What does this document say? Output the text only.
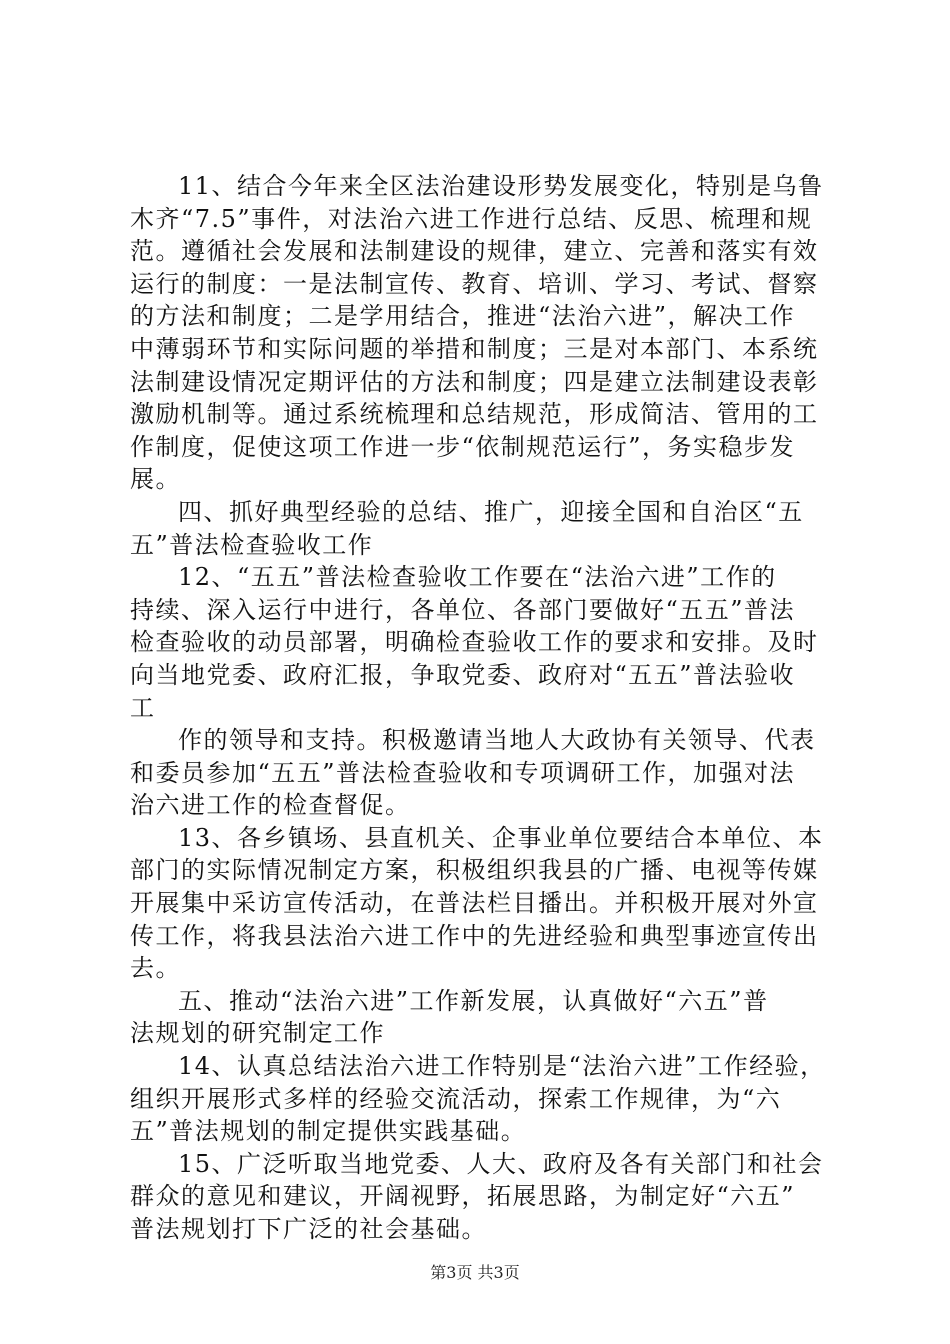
11、结合今年来全区法治建设形势发展变化，特别是乌鲁
木齐“7.5”事件，对法治六进工作进行总结、反思、梳理和规
范。遵循社会发展和法制建设的规律，建立、完善和落实有效
运行的制度：一是法制宣传、教育、培训、学习、考试、督察
的方法和制度；二是学用结合，推进“法治六进”，解决工作
中薄弱环节和实际问题的举措和制度；三是对本部门、本系统
法制建设情况定期评估的方法和制度；四是建立法制建设表彰
激励机制等。通过系统梳理和总结规范，形成简洁、管用的工
作制度，促使这项工作进一步“依制规范运行”，务实稳步发
展。
四、抓好典型经验的总结、推广，迎接全国和自治区“五
五”普法检查验收工作
12、“五五”普法检查验收工作要在“法治六进”工作的
持续、深入运行中进行，各单位、各部门要做好“五五”普法
检查验收的动员部署，明确检查验收工作的要求和安排。及时
向当地党委、政府汇报，争取党委、政府对“五五”普法验收
工
作的领导和支持。积极邀请当地人大政协有关领导、代表
和委员参加“五五”普法检查验收和专项调研工作，加强对法
治六进工作的检查督促。
13、各乡镇场、县直机关、企事业单位要结合本单位、本
部门的实际情况制定方案，积极组织我县的广播、电视等传媒
开展集中采访宣传活动，在普法栏目播出。并积极开展对外宣
传工作，将我县法治六进工作中的先进经验和典型事迹宣传出
去。
五、推动“法治六进”工作新发展，认真做好“六五”普
法规划的研究制定工作
14、认真总结法治六进工作特别是“法治六进”工作经验，
组织开展形式多样的经验交流活动，探索工作规律，为“六
五”普法规划的制定提供实践基础。
15、广泛听取当地党委、人大、政府及各有关部门和社会
群众的意见和建议，开阔视野，拓展思路，为制定好“六五”
普法规划打下广泛的社会基础。
第3页 共3页
